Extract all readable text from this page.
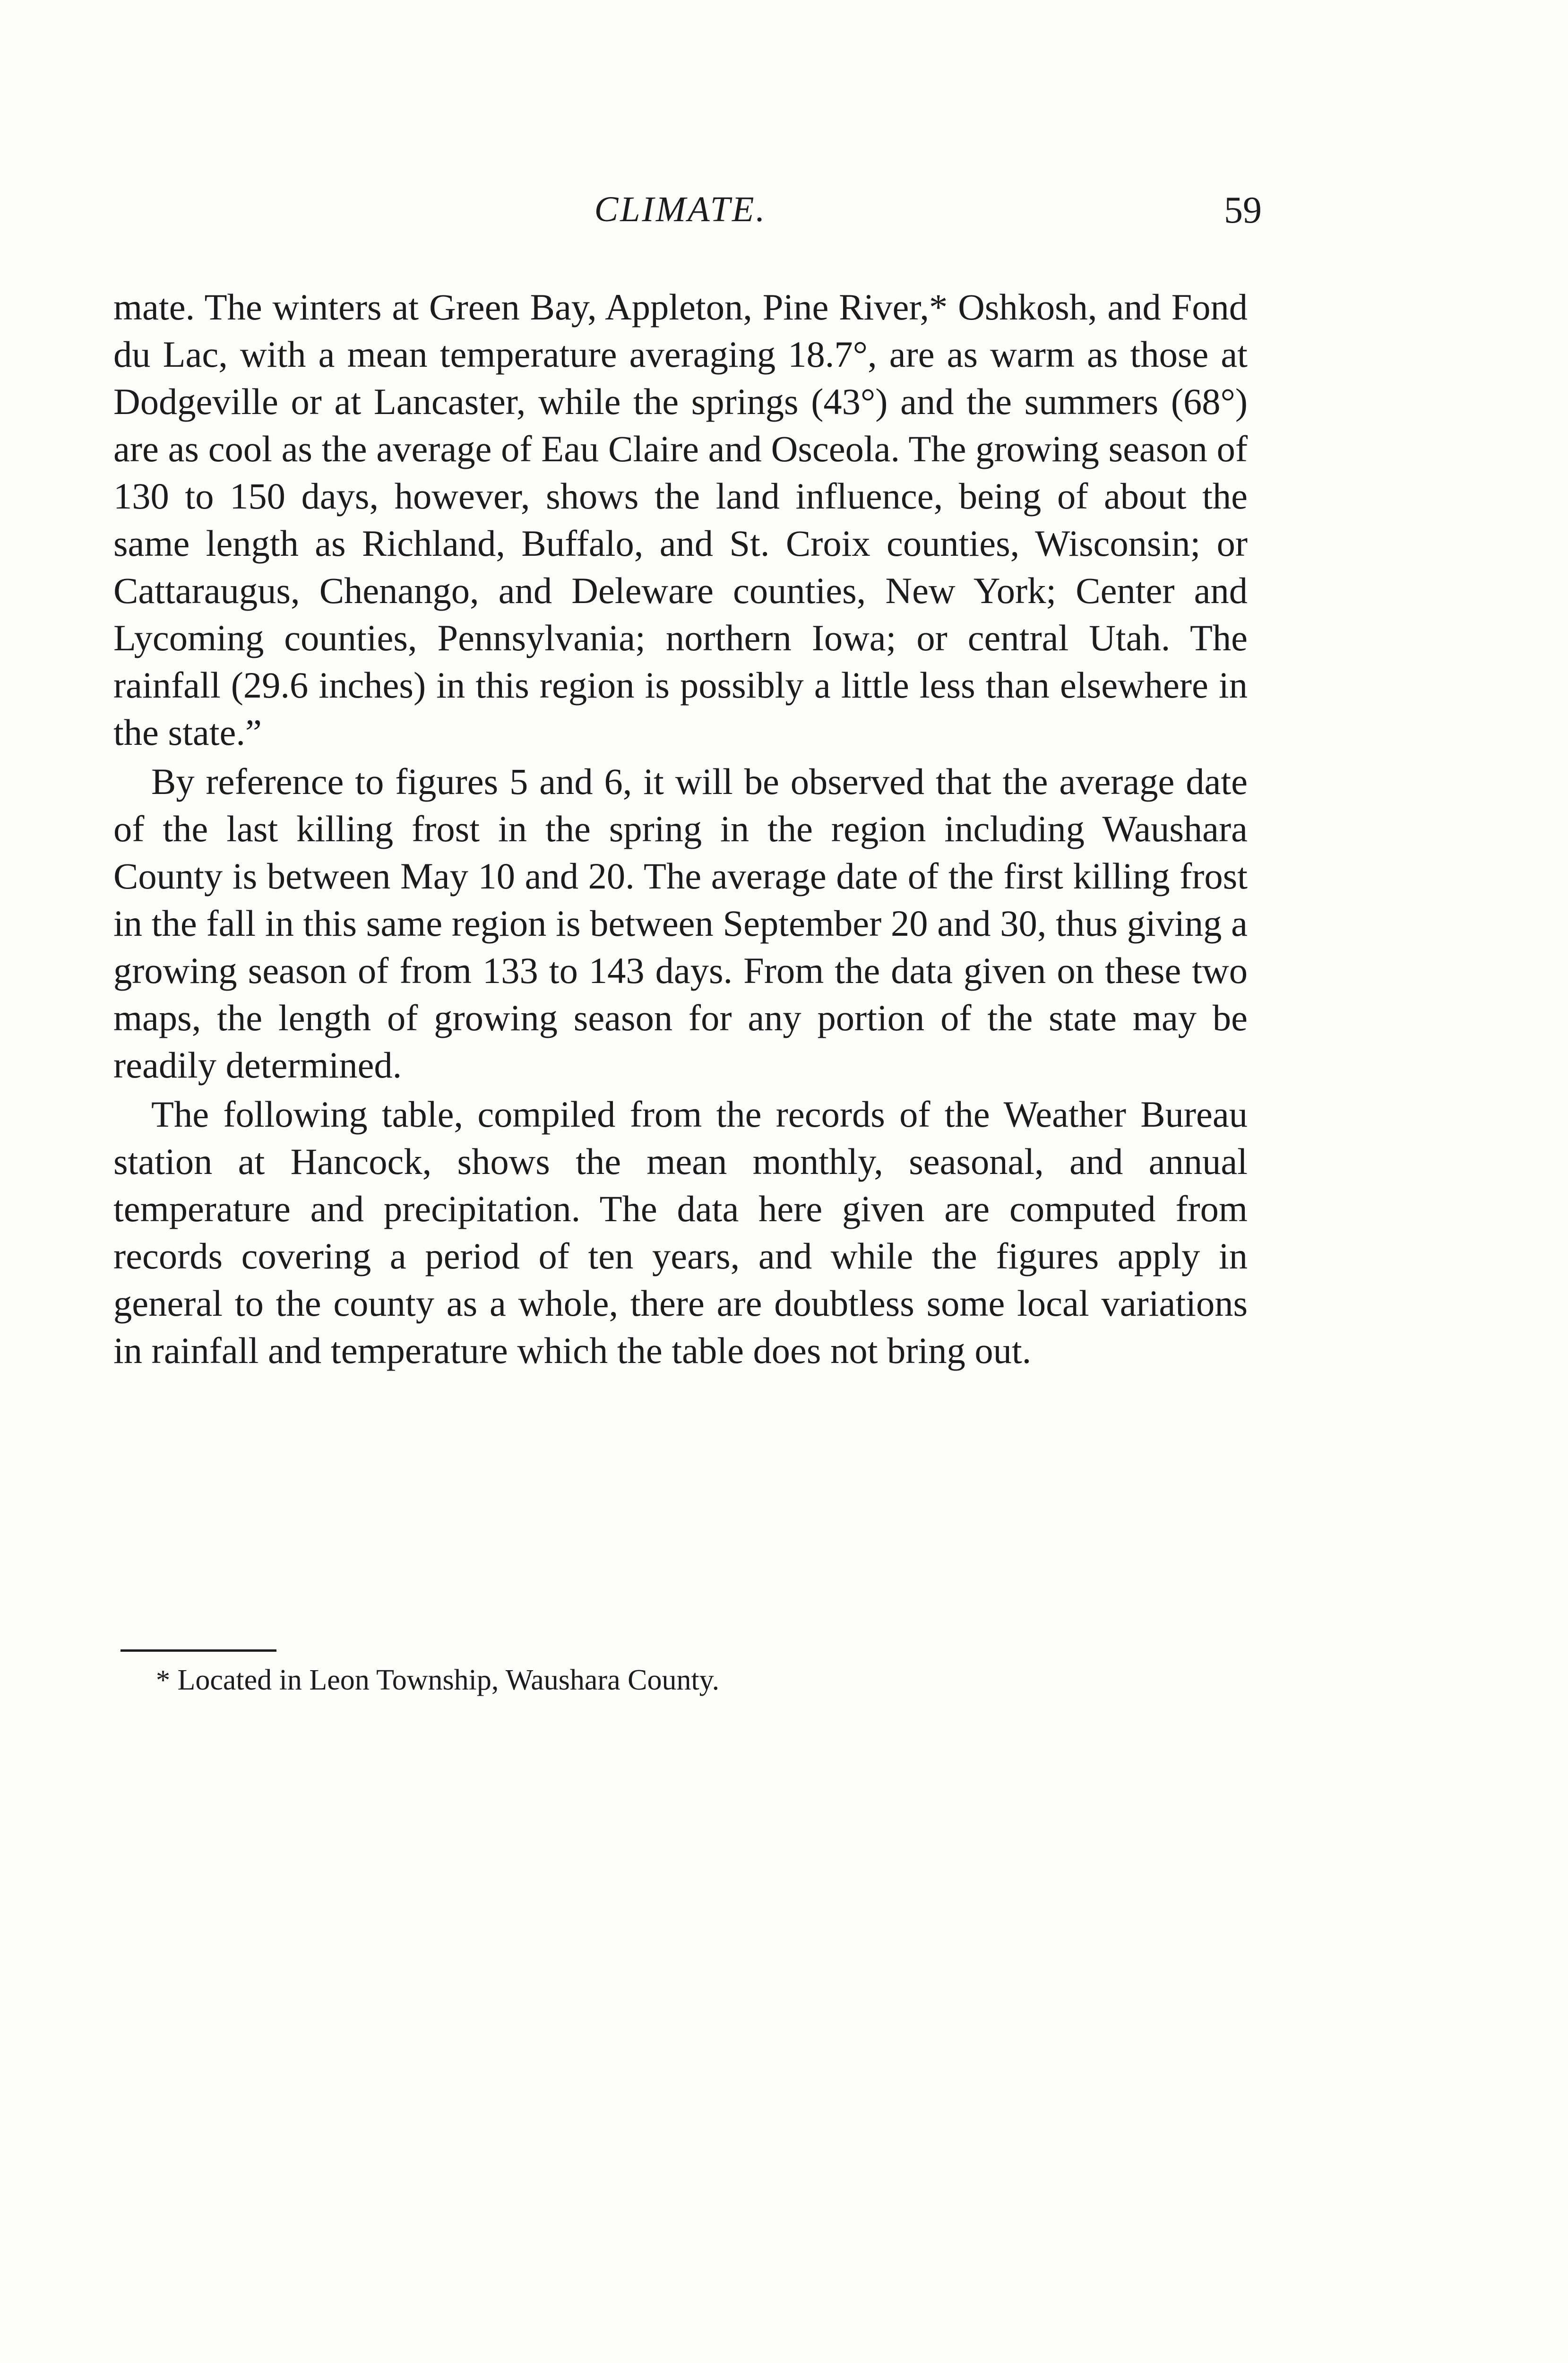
CLIMATE.	59

mate. The winters at Green Bay, Appleton, Pine River,* Oshkosh, and Fond du Lac, with a mean temperature averaging 18.7°, are as warm as those at Dodgeville or at Lancaster, while the springs (43°) and the summers (68°) are as cool as the average of Eau Claire and Osceola. The growing season of 130 to 150 days, however, shows the land influence, being of about the same length as Richland, Buffalo, and St. Croix counties, Wisconsin; or Cattaraugus, Chenango, and Deleware counties, New York; Center and Lycoming counties, Pennsylvania; northern Iowa; or central Utah. The rainfall (29.6 inches) in this region is possibly a little less than elsewhere in the state.”

By reference to figures 5 and 6, it will be observed that the average date of the last killing frost in the spring in the region including Waushara County is between May 10 and 20. The average date of the first killing frost in the fall in this same region is between September 20 and 30, thus giving a growing season of from 133 to 143 days. From the data given on these two maps, the length of growing season for any portion of the state may be readily determined.

The following table, compiled from the records of the Weather Bureau station at Hancock, shows the mean monthly, seasonal, and annual temperature and precipitation. The data here given are computed from records covering a period of ten years, and while the figures apply in general to the county as a whole, there are doubtless some local variations in rainfall and temperature which the table does not bring out.

* Located in Leon Township, Waushara County.
